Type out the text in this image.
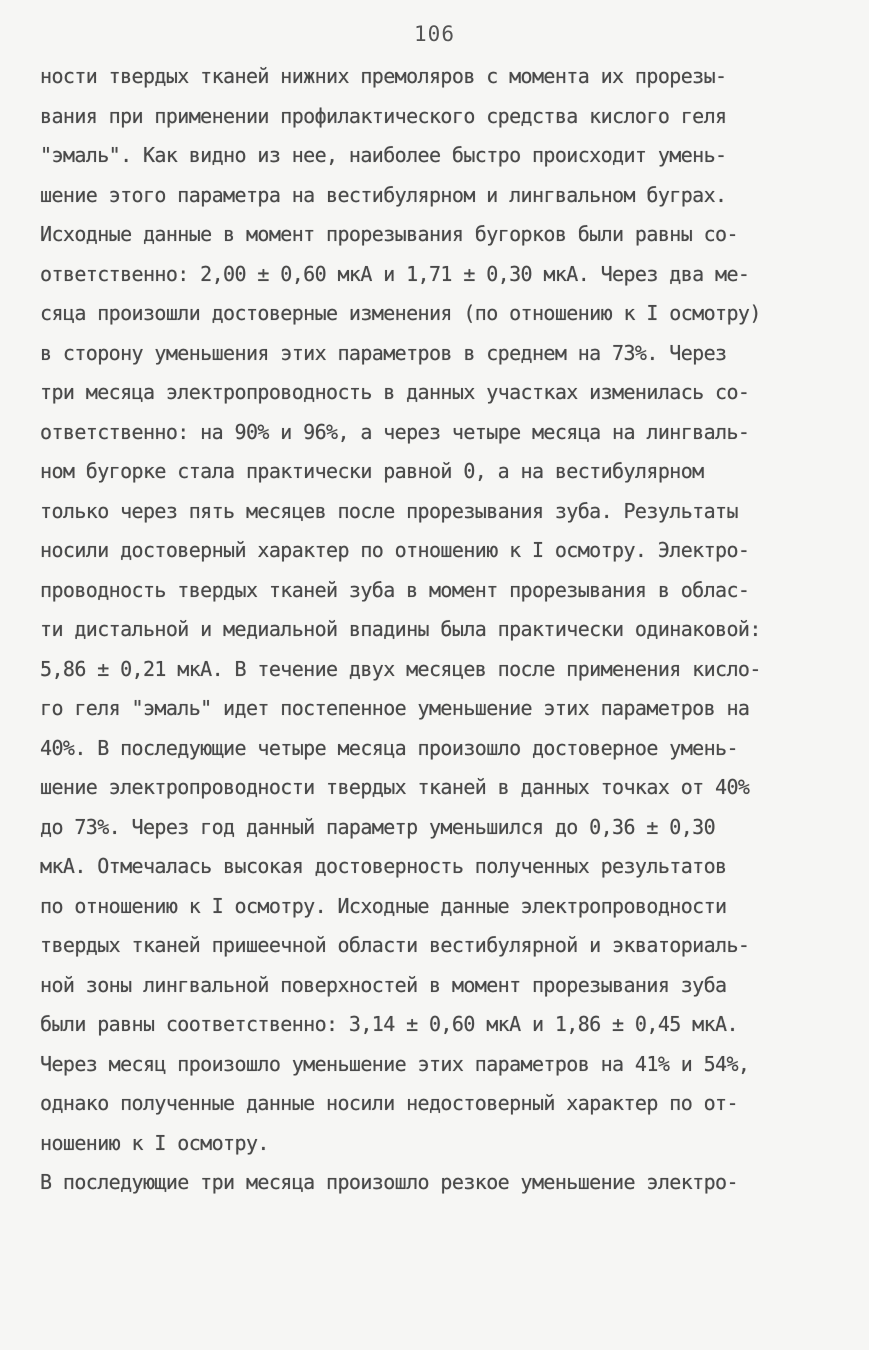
106
ности твердых тканей нижних премоляров с момента их прорезы-
вания при применении профилактического средства кислого геля
"эмаль". Как видно из нее, наиболее быстро происходит умень-
шение этого параметра на вестибулярном и лингвальном буграх.
Исходные данные в момент прорезывания бугорков были равны со-
ответственно: 2,00 ± 0,60 мкА и 1,71 ± 0,30 мкА. Через два ме-
сяца произошли достоверные изменения (по отношению к I осмотру)
в сторону уменьшения этих параметров в среднем на 73%. Через
три месяца электропроводность в данных участках изменилась со-
ответственно: на 90% и 96%, а через четыре месяца на лингваль-
ном бугорке стала практически равной 0, а на вестибулярном
только через пять месяцев после прорезывания зуба. Результаты
носили достоверный характер по отношению к I осмотру. Электро-
проводность твердых тканей зуба в момент прорезывания в облас-
ти дистальной и медиальной впадины была практически одинаковой:
5,86 ± 0,21 мкА. В течение двух месяцев после применения кисло-
го геля "эмаль" идет постепенное уменьшение этих параметров на
40%. В последующие четыре месяца произошло достоверное умень-
шение электропроводности твердых тканей в данных точках от 40%
до 73%. Через год данный параметр уменьшился до 0,36 ± 0,30
мкА. Отмечалась высокая достоверность полученных результатов
по отношению к I осмотру. Исходные данные электропроводности
твердых тканей пришеечной области вестибулярной и экваториаль-
ной зоны лингвальной поверхностей в момент прорезывания зуба
были равны соответственно: 3,14 ± 0,60 мкА и 1,86 ± 0,45 мкА.
Через месяц произошло уменьшение этих параметров на 41% и 54%,
однако полученные данные носили недостоверный характер по от-
ношению к I осмотру.
В последующие три месяца произошло резкое уменьшение электро-
